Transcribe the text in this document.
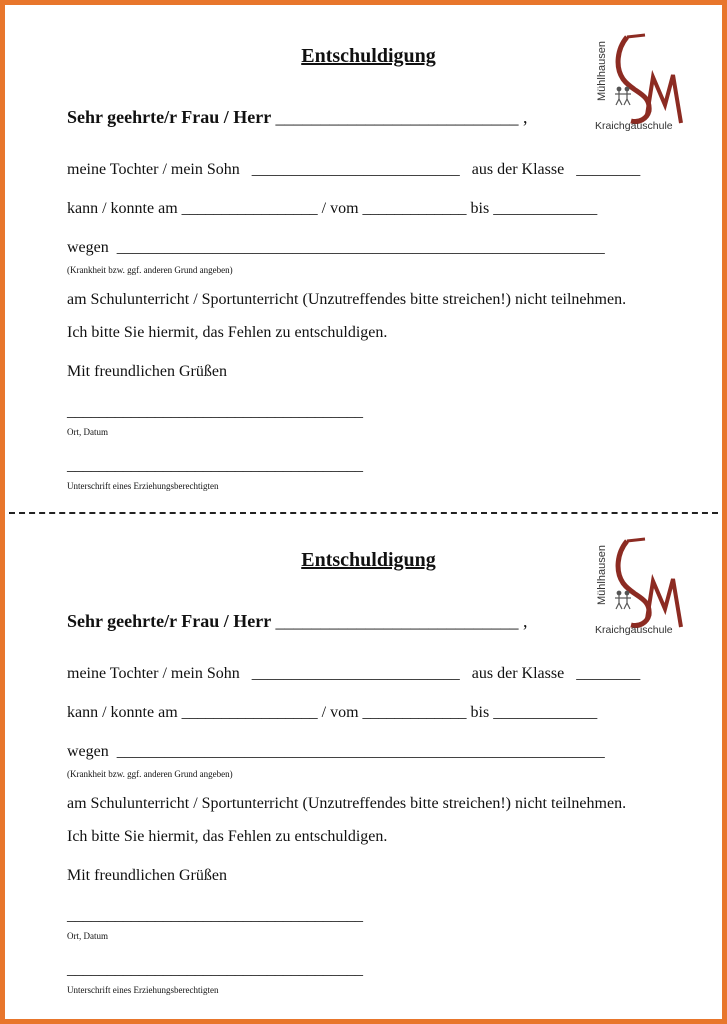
Entschuldigung	Mühlhausen
Kraichgauschule

Sehr geehrte/r Frau / Herr ___________________________ ,

meine Tochter / mein Sohn __________________________ aus der Klasse ________

kann / konnte am _________________ / vom _____________ bis _____________

wegen _____________________________________________________________

(Krankheit bzw. ggf. anderen Grund angeben)

am Schulunterricht / Sportunterricht (Unzutreffendes bitte streichen!) nicht teilnehmen.

Ich bitte Sie hiermit, das Fehlen zu entschuldigen.

Mit freundlichen Grüßen

_____________________________________

Ort, Datum

_____________________________________

Unterschrift eines Erziehungsberechtigten

Entschuldigung	Mühlhausen
Kraichgauschule

Sehr geehrte/r Frau / Herr ___________________________ ,

meine Tochter / mein Sohn __________________________ aus der Klasse ________

kann / konnte am _________________ / vom _____________ bis _____________

wegen _____________________________________________________________

(Krankheit bzw. ggf. anderen Grund angeben)

am Schulunterricht / Sportunterricht (Unzutreffendes bitte streichen!) nicht teilnehmen.

Ich bitte Sie hiermit, das Fehlen zu entschuldigen.

Mit freundlichen Grüßen

_____________________________________

Ort, Datum

_____________________________________

Unterschrift eines Erziehungsberechtigten
